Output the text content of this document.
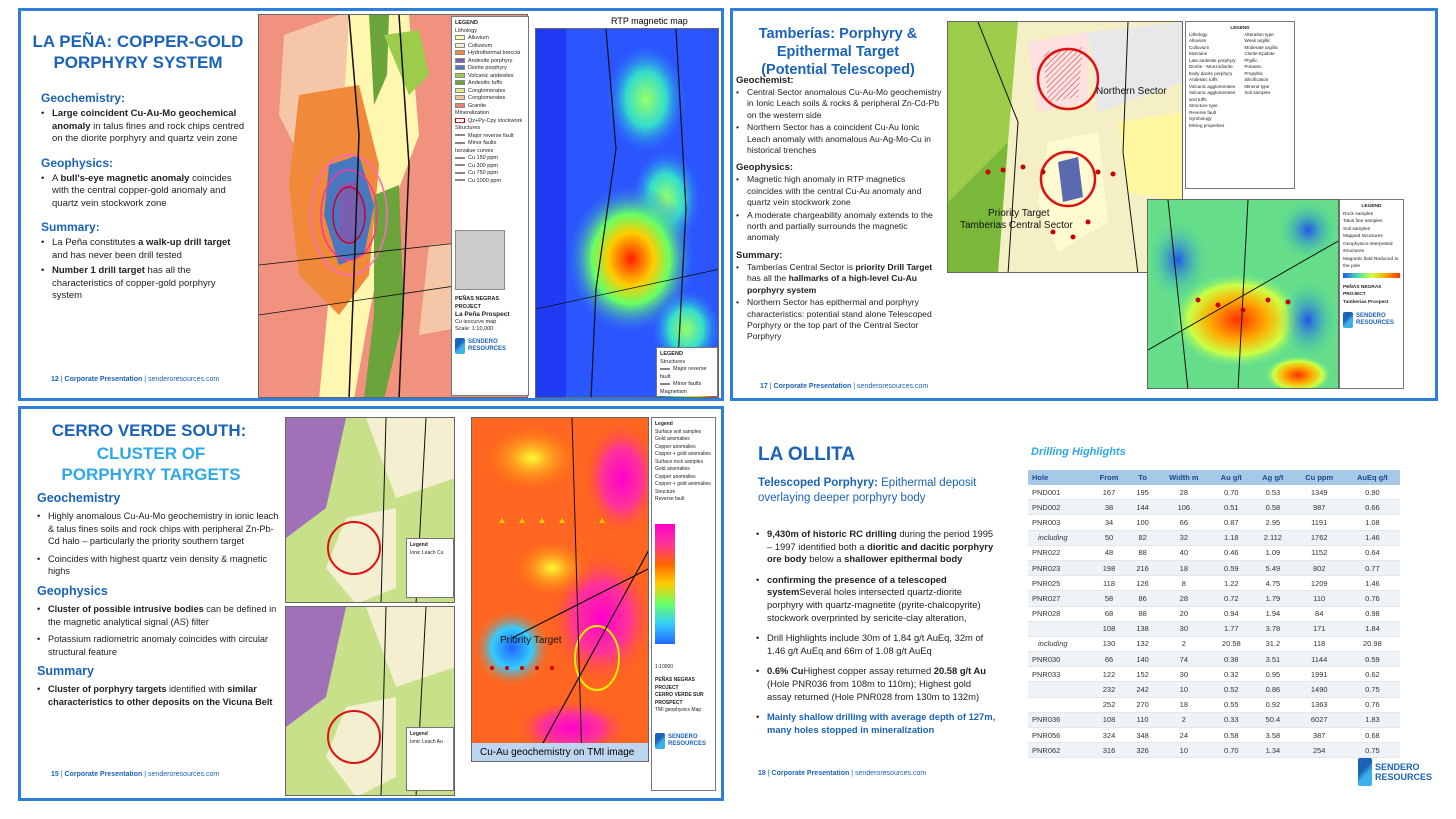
LA PEÑA: COPPER-GOLD PORPHYRY SYSTEM
Geochemistry:
• Large coincident Cu-Au-Mo geochemical anomaly in talus fines and rock chips centred on the diorite porphyry and quartz vein zone
Geophysics:
• A bull's-eye magnetic anomaly coincides with the central copper-gold anomaly and quartz vein stockwork zone
Summary:
• La Peña constitutes a walk-up drill target and has never been drill tested
• Number 1 drill target has all the characteristics of copper-gold porphyry system
12 | Corporate Presentation | senderoresources.com
LEGEND
Lithology
Alluvium
Colluvium
Hydrothermal breccia
Andesite porphyry
Diorite porphyry
Volcanic andesites
Andesitic tuffs
Conglomerates
Conglomerates
Granite
Mineralization
Qz+Py-Cpy stockwork
Structures
Major reverse fault
Minor faults
Isovalue curves
Cu 150 ppm
Cu 300 ppm
Cu 750 ppm
Cu 1000 ppm
PEÑAS NEGRAS PROJECT
La Peña Prospect
Cu isocurve map
Scale: 1:10,000
SENDERO
RESOURCES
RTP magnetic map
LEGEND
Structures
Major reverse fault
Minor faults
Magnetism
Tamberías: Porphyry & Epithermal Target (Potential Telescoped)
Geochemist:
• Central Sector anomalous Cu-Au-Mo geochemistry in Ionic Leach soils & rocks & peripheral Zn-Cd-Pb on the western side
• Northern Sector has a coincident Cu-Au Ionic Leach anomaly with anomalous Au-Ag-Mo-Cu in historical trenches
Geophysics:
• Magnetic high anomaly in RTP magnetics coincides with the central Cu-Au anomaly and quartz vein stockwork zone
• A moderate chargeability anomaly extends to the north and partially surrounds the magnetic anomaly
Summary:
• Tamberías Central Sector is priority Drill Target has all the hallmarks of a high-level Cu-Au porphyry system
• Northern Sector has epithermal and porphyry characteristics: potential stand alone Telescoped Porphyry or the top part of the Central Sector Porphyry
17 | Corporate Presentation | senderoresources.com
Northern Sector
Priority Target
Tamberias Central Sector
LEGEND
Lithology
Alluvium
Colluvium
Morraine
Late andesite porphyry
Diorite - Monzodiorite
Early dacite porphyry
Andesitic tuffs
Volcanic agglomerates
Volcanic agglomerates and tuffs
Structure type
Reverse fault
Symbology
Mining properties
Alteration type
Weak argillic
Moderate argillic
Clorite-Epidote
Phyllic
Potassic
Propylitic
Silicification
Mineral type
Soil samples
LEGEND
Rock samples
Talus fine samples
Soil samples
Mapped structures
Geophysics-interpreted structures
Magnetic field Reduced to the pole
PEÑAS NEGRAS PROJECT
Tamberias Prospect
SENDERO
RESOURCES
CERRO VERDE SOUTH:
CLUSTER OF PORPHYRY TARGETS
Geochemistry
• Highly anomalous Cu-Au-Mo geochemistry in ionic leach & talus fines soils and rock chips with peripheral Zn-Pb-Cd halo – particularly the priority southern target
• Coincides with highest quartz vein density & magnetic highs
Geophysics
• Cluster of possible intrusive bodies can be defined in the magnetic analytical signal (AS) filter
• Potassium radiometric anomaly coincides with circular structural feature
Summary
• Cluster of porphyry targets identified with similar characteristics to other deposits on the Vicuna Belt
15 | Corporate Presentation | senderoresources.com
Legend
Ionic Leach Cu
Legend
Ionic Leach Au
Priority Target
Cu-Au geochemistry on TMI image
Legend
Surface soil samples
Gold anomalies
Copper anomalies
Copper + gold anomalies
Surface rock samples
Gold anomalies
Copper anomalies
Copper + gold anomalies
Structure
Reverse fault
1:10000
PEÑAS NEGRAS PROJECT
CERRO VERDE SUR PROSPECT
TMI geophysics Map
SENDERO
RESOURCES
LA OLLITA
Telescoped Porphyry: Epithermal deposit overlaying deeper porphyry body
• 9,430m of historic RC drilling during the period 1995 – 1997 identified both a dioritic and dacitic porphyry ore body below a shallower epithermal body
• confirming the presence of a telescoped systemSeveral holes intersected quartz-diorite porphyry with quartz-magnetite (pyrite-chalcopyrite) stockwork overprinted by sericite-clay alteration,
• Drill Highlights include 30m of 1.84 g/t AuEq, 32m of 1.46 g/t AuEq and 66m of 1.08 g/t AuEq
• 0.6% CuHighest copper assay returned 20.58 g/t Au (Hole PNR036 from 108m to 110m); Highest gold assay returned (Hole PNR028 from 130m to 132m)
• Mainly shallow drilling with average depth of 127m, many holes stopped in mineralization
18 | Corporate Presentation | senderoresources.com
Drilling Highlights
Hole	From	To	Width m	Au g/t	Ag g/t	Cu ppm	AuEq g/t
PND001	167	195	28	0.70	0.53	1349	0.90
PND002	38	144	106	0.51	0.58	987	0.66
PNR003	34	100	66	0.87	2.95	1191	1.08
including	50	82	32	1.18	2.112	1762	1.46
PNR022	48	88	40	0.46	1.09	1152	0.64
PNR023	198	216	18	0.59	5.49	802	0.77
PNR025	118	126	8	1.22	4.75	1209	1.46
PNR027	58	86	28	0.72	1.79	110	0.76
PNR028	68	88	20	0.94	1.94	84	0.98
	108	138	30	1.77	3.78	171	1.84
including	130	132	2	20.58	31.2	118	20.98
PNR030	66	140	74	0.38	3.51	1144	0.59
PNR033	122	152	30	0.32	0.95	1991	0.62
	232	242	10	0.52	0.86	1490	0.75
	252	270	18	0.55	0.92	1363	0.76
PNR036	108	110	2	0.33	50.4	6027	1.83
PNR056	324	348	24	0.58	3.58	387	0.68
PNR062	316	326	10	0.70	1.34	254	0.75
SENDERO
RESOURCES
